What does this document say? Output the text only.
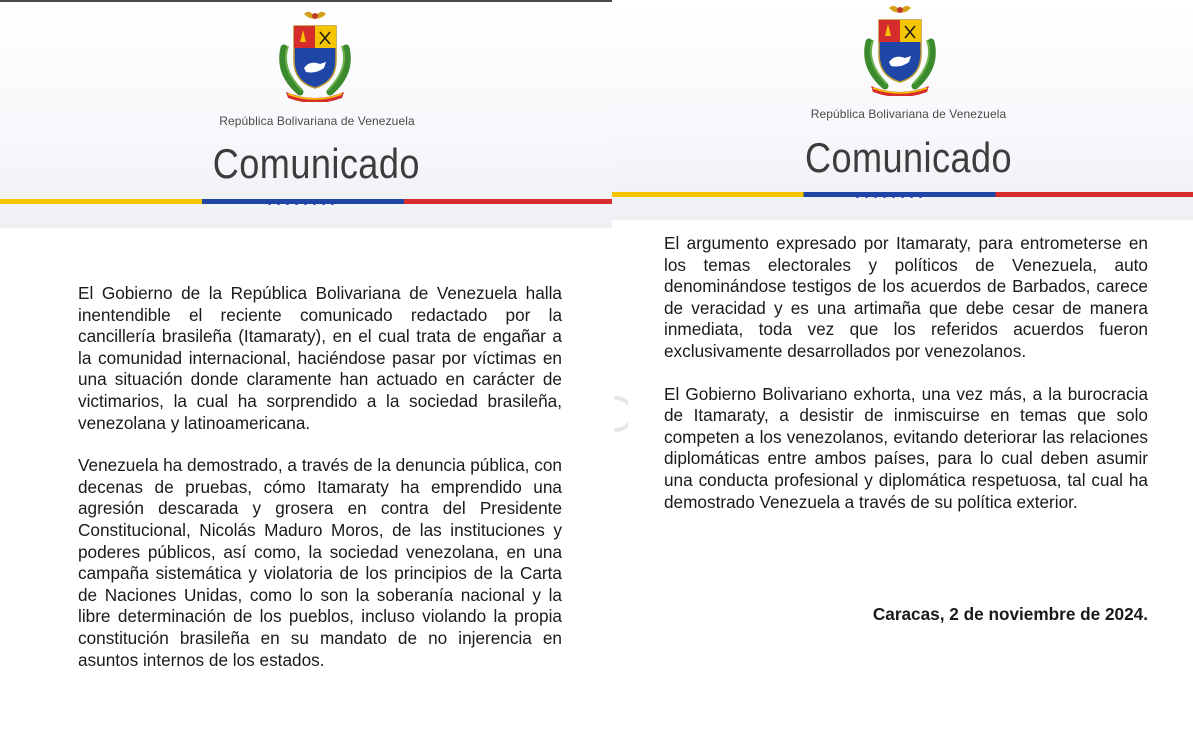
República Bolivariana de Venezuela
Comunicado

El Gobierno de la República Bolivariana de Venezuela halla inentendible el reciente comunicado redactado por la cancillería brasileña (Itamaraty), en el cual trata de engañar a la comunidad internacional, haciéndose pasar por víctimas en una situación donde claramente han actuado en carácter de victimarios, la cual ha sorprendido a la sociedad brasileña, venezolana y latinoamericana.

Venezuela ha demostrado, a través de la denuncia pública, con decenas de pruebas, cómo Itamaraty ha emprendido una agresión descarada y grosera en contra del Presidente Constitucional, Nicolás Maduro Moros, de las instituciones y poderes públicos, así como, la sociedad venezolana, en una campaña sistemática y violatoria de los principios de la Carta de Naciones Unidas, como lo son la soberanía nacional y la libre determinación de los pueblos, incluso violando la propia constitución brasileña en su mandato de no injerencia en asuntos internos de los estados.

República Bolivariana de Venezuela
Comunicado

El argumento expresado por Itamaraty, para entrometerse en los temas electorales y políticos de Venezuela, auto denominándose testigos de los acuerdos de Barbados, carece de veracidad y es una artimaña que debe cesar de manera inmediata, toda vez que los referidos acuerdos fueron exclusivamente desarrollados por venezolanos.

El Gobierno Bolivariano exhorta, una vez más, a la burocracia de Itamaraty, a desistir de inmiscuirse en temas que solo competen a los venezolanos, evitando deteriorar las relaciones diplomáticas entre ambos países, para lo cual deben asumir una conducta profesional y diplomática respetuosa, tal cual ha demostrado Venezuela a través de su política exterior.

Caracas, 2 de noviembre de 2024.
